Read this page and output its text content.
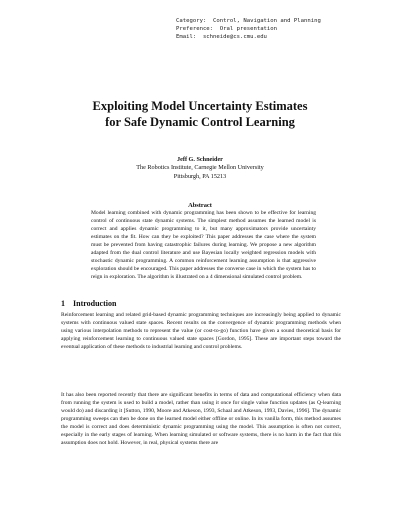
Category:  Control, Navigation and Planning
Preference:  Oral presentation
Email:  schneide@cs.cmu.edu
Exploiting Model Uncertainty Estimates
for Safe Dynamic Control Learning
Jeff G. Schneider
The Robotics Institute, Carnegie Mellon University
Pittsburgh, PA 15213
Abstract
Model learning combined with dynamic programming has been shown to be effective for learning control of continuous state dynamic systems. The simplest method assumes the learned model is correct and applies dynamic programming to it, but many approximators provide uncertainty estimates on the fit. How can they be exploited? This paper addresses the case where the system must be prevented from having catastrophic failures during learning. We propose a new algorithm adapted from the dual control literature and use Bayesian locally weighted regression models with stochastic dynamic programming. A common reinforcement learning assumption is that aggressive exploration should be encouraged. This paper addresses the converse case in which the system has to reign in exploration. The algorithm is illustrated on a 4 dimensional simulated control problem.
1 Introduction
Reinforcement learning and related grid-based dynamic programming techniques are increasingly being applied to dynamic systems with continuous valued state spaces. Recent results on the convergence of dynamic programming methods when using various interpolation methods to represent the value (or cost-to-go) function have given a sound theoretical basis for applying reinforcement learning to continuous valued state spaces [Gordon, 1995]. These are important steps toward the eventual application of these methods to industrial learning and control problems.
It has also been reported recently that there are significant benefits in terms of data and computational efficiency when data from running the system is used to build a model, rather than using it once for single value function updates (as Q-learning would do) and discarding it [Sutton, 1990, Moore and Atkeson, 1993, Schaal and Atkeson, 1993, Davies, 1996]. The dynamic programming sweeps can then be done on the learned model either offline or online. In its vanilla form, this method assumes the model is correct and does deterministic dynamic programming using the model. This assumption is often not correct, especially in the early stages of learning. When learning simulated or software systems, there is no harm in the fact that this assumption does not hold. However, in real, physical systems there are
